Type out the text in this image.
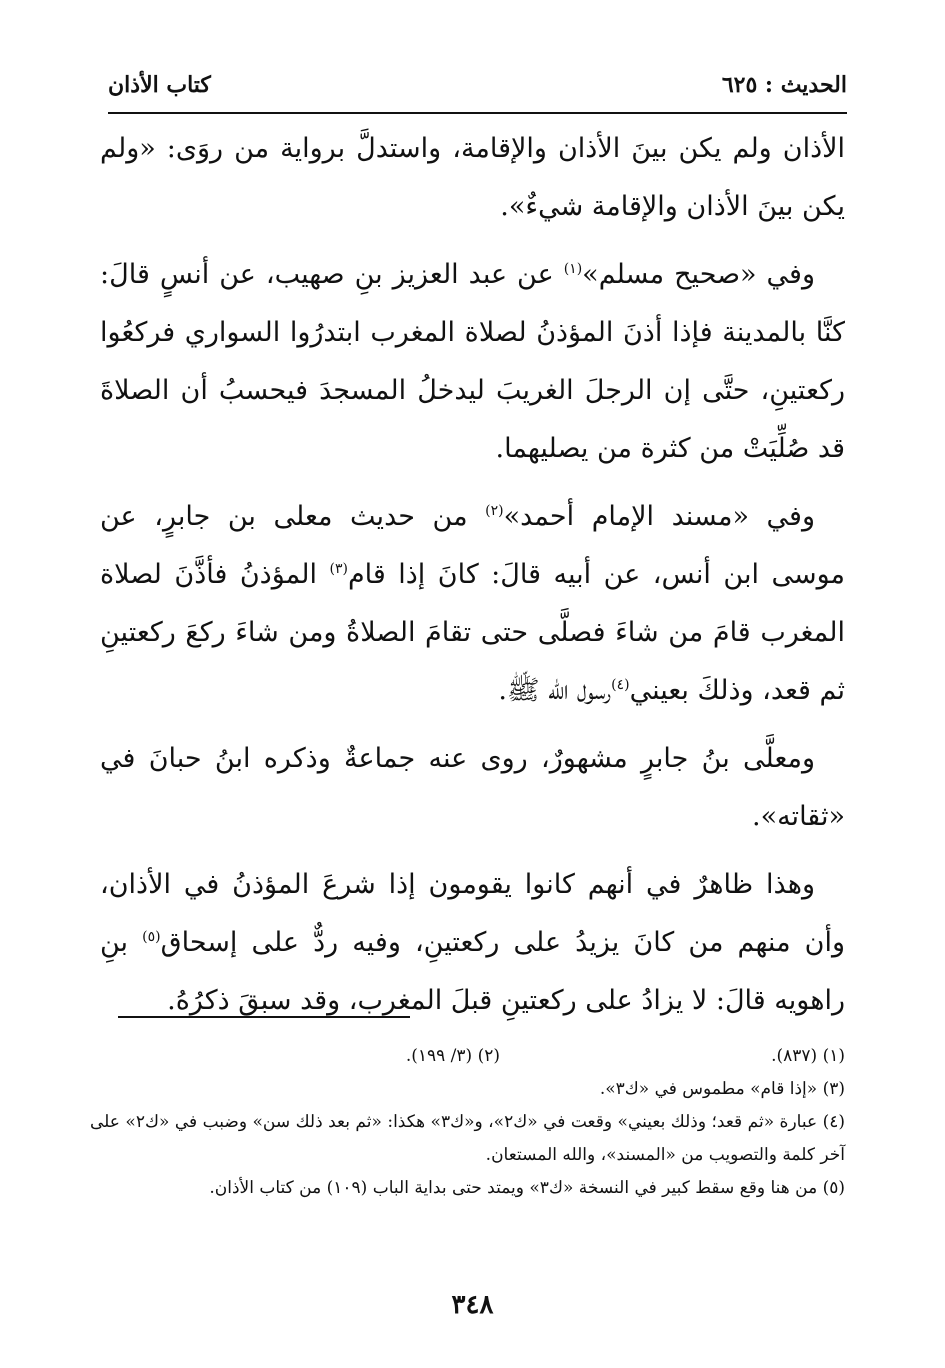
الحديث : ٦٢٥
كتاب الأذان

الأذان ولم يكن بينَ الأذان والإقامة، واستدلَّ برواية من روَى: «ولم يكن بينَ الأذان والإقامة شيءٌ».

وفي «صحيح مسلم»$^{(١)}$ عن عبد العزيز بنِ صهيب، عن أنسٍ قالَ: كنَّا بالمدينة فإذا أذنَ المؤذنُ لصلاة المغرب ابتدرُوا السواري فركعُوا ركعتينِ، حتَّى إن الرجلَ الغريبَ ليدخلُ المسجدَ فيحسبُ أن الصلاةَ قد صُلِّيَتْ من كثرة من يصليهما.

وفي «مسند الإمام أحمد»$^{(٢)}$ من حديث معلى بن جابرٍ، عن موسى ابن أنس، عن أبيه قالَ: كانَ إذا قام$^{(٣)}$ المؤذنُ فأذَّنَ لصلاة المغرب قامَ من شاءَ فصلَّى حتى تقامَ الصلاةُ ومن شاءَ ركعَ ركعتينِ ثم قعد، وذلكَ بعيني$^{(٤)}$رسول الله ﷺ.

ومعلَّى بنُ جابرٍ مشهورٌ، روى عنه جماعةٌ وذكره ابنُ حبانَ في «ثقاته».

وهذا ظاهرٌ في أنهم كانوا يقومون إذا شرعَ المؤذنُ في الأذان، وأن منهم من كانَ يزيدُ على ركعتينِ، وفيه ردٌّ على إسحاق$^{(٥)}$ بنِ راهويه قالَ: لا يزادُ على ركعتينِ قبلَ المغرب، وقد سبقَ ذكرُهُ.

(١) (٨٣٧).
(٢) (٣/ ١٩٩).
(٣) «إذا قام» مطموس في «ك٣».
(٤) عبارة «ثم قعد؛ وذلك بعيني» وقعت في «ك٢»، و«ك٣» هكذا: «ثم بعد ذلك سن» وضبب في «ك٢» على آخر كلمة والتصويب من «المسند»، والله المستعان.
(٥) من هنا وقع سقط كبير في النسخة «ك٣» ويمتد حتى بداية الباب (١٠٩) من كتاب الأذان.
٣٤٨
